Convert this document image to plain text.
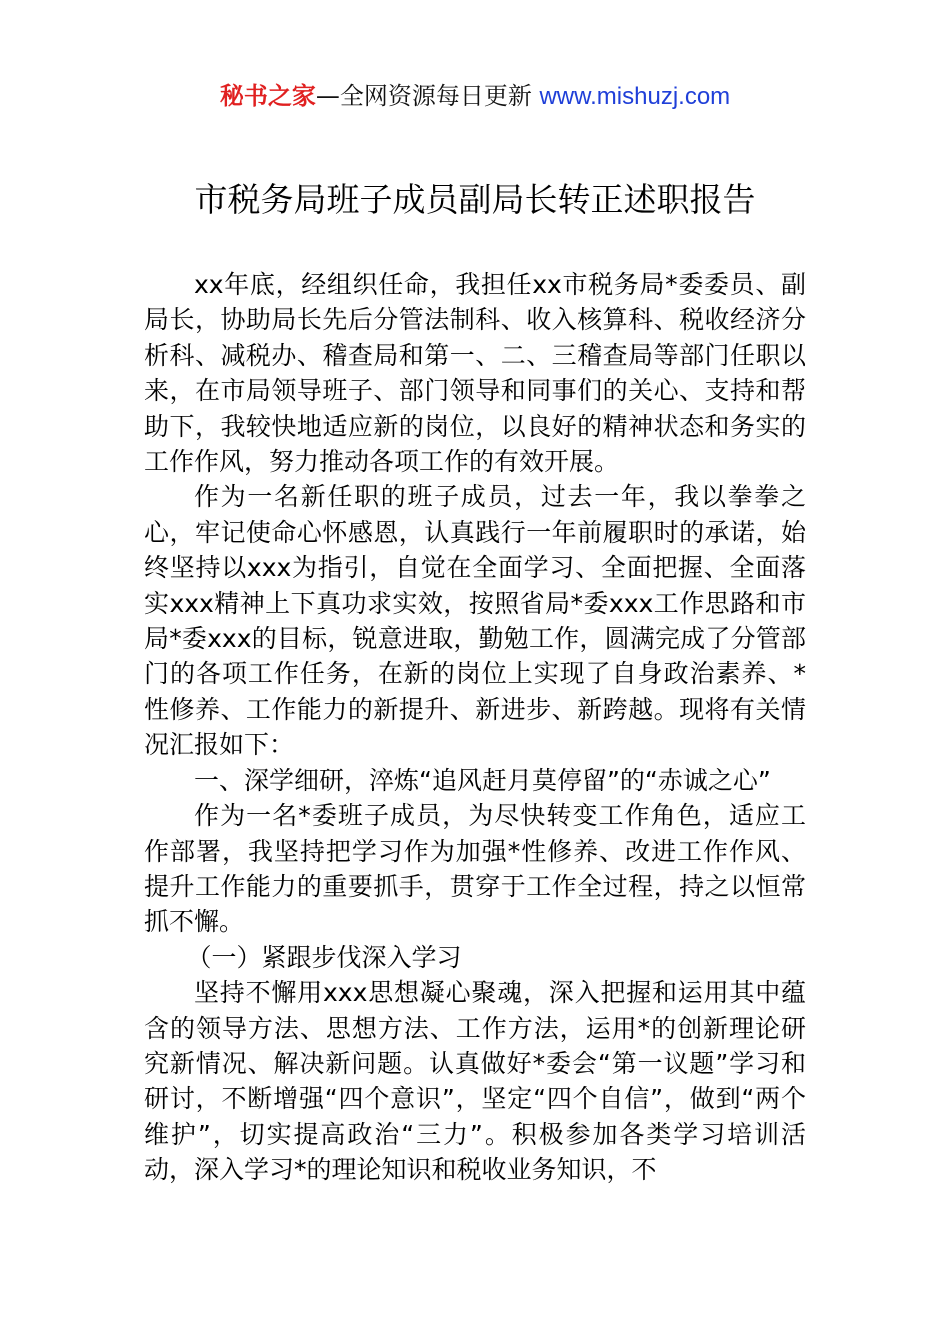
秘书之家—全网资源每日更新 www.mishuzj.com
市税务局班子成员副局长转正述职报告

xx年底，经组织任命，我担任xx市税务局*委委员、副局长，协助局长先后分管法制科、收入核算科、税收经济分析科、减税办、稽查局和第一、二、三稽查局等部门任职以来，在市局领导班子、部门领导和同事们的关心、支持和帮助下，我较快地适应新的岗位，以良好的精神状态和务实的工作作风，努力推动各项工作的有效开展。

作为一名新任职的班子成员，过去一年，我以拳拳之心，牢记使命心怀感恩，认真践行一年前履职时的承诺，始终坚持以xxx为指引，自觉在全面学习、全面把握、全面落实xxx精神上下真功求实效，按照省局*委xxx工作思路和市局*委xxx的目标，锐意进取，勤勉工作，圆满完成了分管部门的各项工作任务，在新的岗位上实现了自身政治素养、*性修养、工作能力的新提升、新进步、新跨越。现将有关情况汇报如下：

一、深学细研，淬炼“追风赶月莫停留”的“赤诚之心”

作为一名*委班子成员，为尽快转变工作角色，适应工作部署，我坚持把学习作为加强*性修养、改进工作作风、提升工作能力的重要抓手，贯穿于工作全过程，持之以恒常抓不懈。

（一）紧跟步伐深入学习

坚持不懈用xxx思想凝心聚魂，深入把握和运用其中蕴含的领导方法、思想方法、工作方法，运用*的创新理论研究新情况、解决新问题。认真做好*委会“第一议题”学习和研讨，不断增强“四个意识”，坚定“四个自信”，做到“两个维护”，切实提高政治“三力”。积极参加各类学习培训活动，深入学习*的理论知识和税收业务知识，不
